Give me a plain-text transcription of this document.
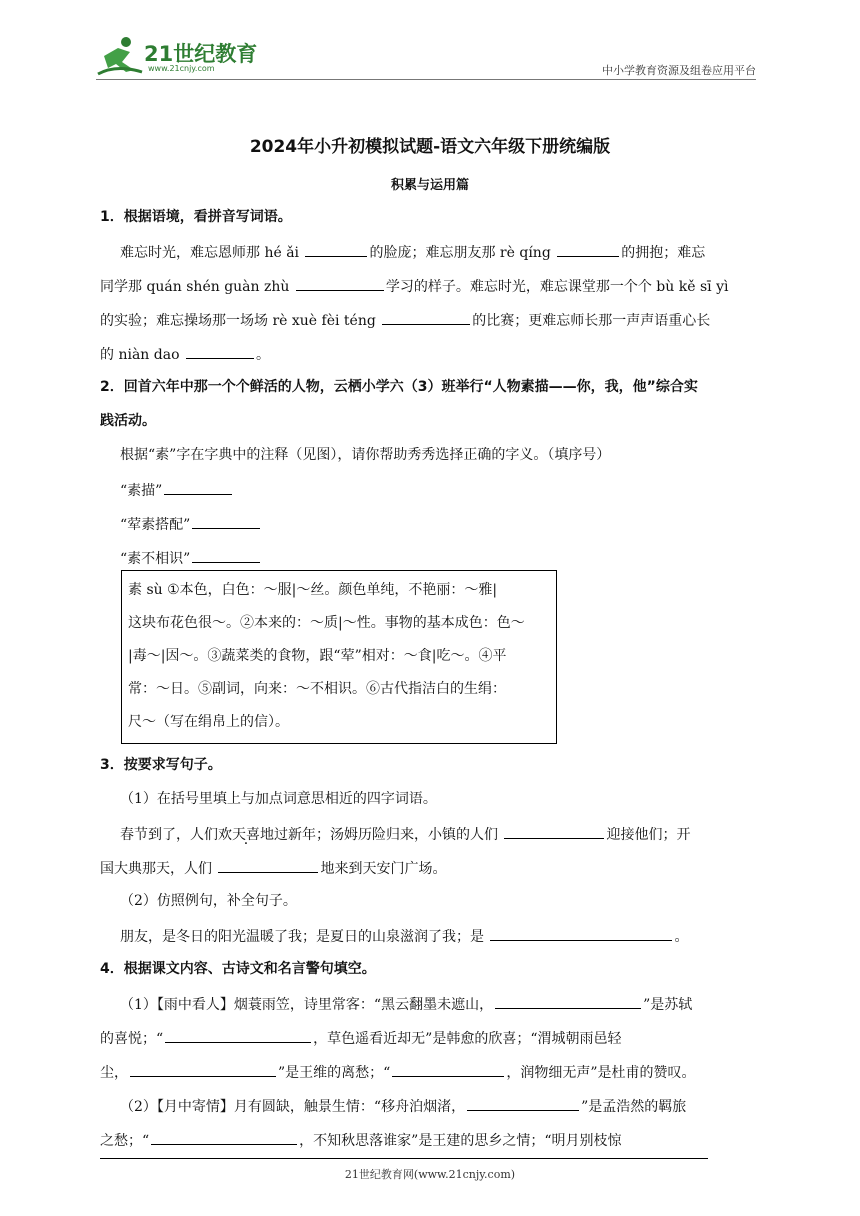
21世纪教育
www.21cnjy.com	中小学教育资源及组卷应用平台
2024年小升初模拟试题-语文六年级下册统编版
积累与运用篇
1．根据语境，看拼音写词语。
难忘时光，难忘恩师那 hé ǎi	的脸庞；难忘朋友那 rè qíng	的拥抱；难忘
同学那 quán shén guàn zhù	学习的样子。难忘时光，难忘课堂那一个个 bù kě sī yì
的实验；难忘操场那一场场 rè xuè fèi téng	的比赛；更难忘师长那一声声语重心长
的 niàn dao	。
2．回首六年中那一个个鲜活的人物，云栖小学六（3）班举行“人物素描——你，我，他”综合实
践活动。
根据“素”字在字典中的注释（见图），请你帮助秀秀选择正确的字义。（填序号）
“素描”
“荤素搭配”
“素不相识”
素 sù ①本色，白色：～服|～丝。颜色单纯，不艳丽：～雅|
这块布花色很～。②本来的：～质|～性。事物的基本成色：色～
|毒～|因～。③蔬菜类的食物，跟“荤”相对：～食|吃～。④平
常：～日。⑤副词，向来：～不相识。⑥古代指洁白的生绢：
尺～（写在绢帛上的信）。
3．按要求写句子。
（1）在括号里填上与加点词意思相近的四字词语。
春节到了，人们欢天喜地过新年；汤姆历险归来，小镇的人们	迎接他们；开
国大典那天，人们	地来到天安门广场。
（2）仿照例句，补全句子。
朋友，是冬日的阳光温暖了我；是夏日的山泉滋润了我；是	。
4．根据课文内容、古诗文和名言警句填空。
（1）【雨中看人】烟蓑雨笠，诗里常客：“黑云翻墨未遮山，	”是苏轼
的喜悦；“	，草色遥看近却无”是韩愈的欣喜；“渭城朝雨邑轻
尘，	”是王维的离愁；“	，润物细无声”是杜甫的赞叹。
（2）【月中寄情】月有圆缺，触景生情：“移舟泊烟渚，	”是孟浩然的羁旅
之愁；“	，不知秋思落谁家”是王建的思乡之情；“明月别枝惊
21世纪教育网(www.21cnjy.com)
